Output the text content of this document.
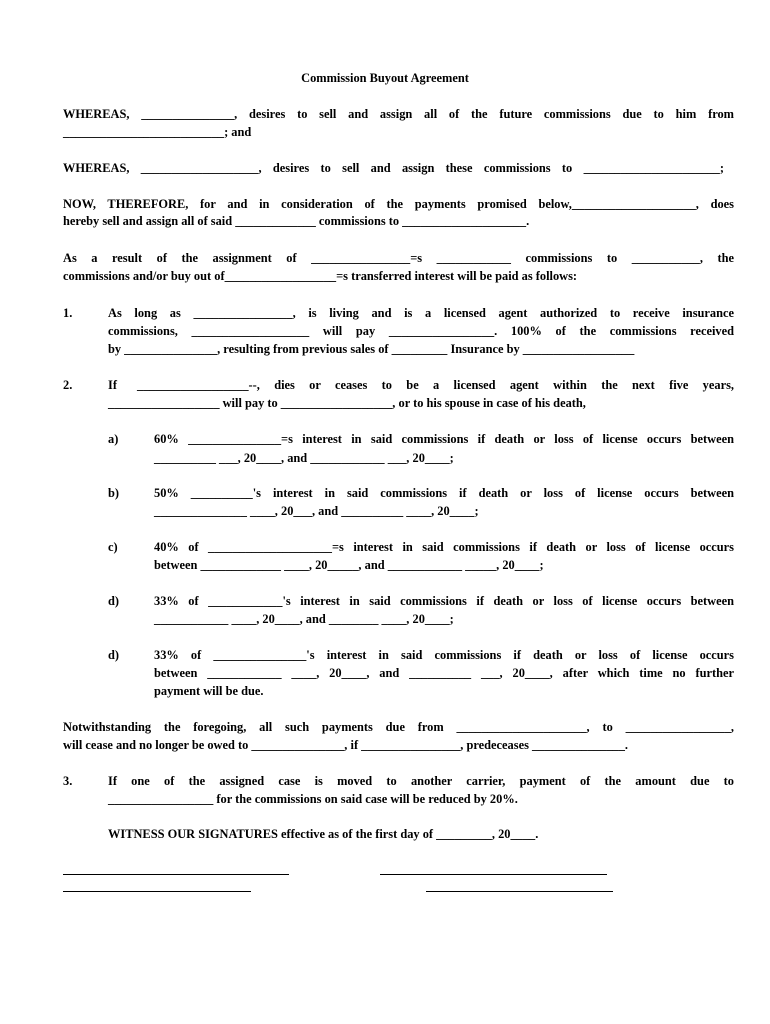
Commission Buyout Agreement
WHEREAS, _______________, desires to sell and assign all of the future commissions due to him from
__________________________; and
WHEREAS, ___________________, desires to sell and assign these commissions to ______________________;
NOW, THEREFORE, for and in consideration of the payments promised below,____________________, does
hereby sell and assign all of said _____________ commissions to ____________________.
As a result of the assignment of ________________=s ____________ commissions to ___________, the
commissions and/or buy out of__________________=s transferred interest will be paid as follows:
1.	As long as ________________, is living and is a licensed agent authorized to receive insurance
commissions, ___________________ will pay _________________. 100% of the commissions received
by _______________, resulting from previous sales of _________ Insurance by __________________
2.	If __________________--, dies or ceases to be a licensed agent within the next five years,
__________________ will pay to __________________, or to his spouse in case of his death,
a)	60% _______________=s interest in said commissions if death or loss of license occurs between
__________ ___, 20____, and ____________ ___, 20____;
b)	50% __________'s interest in said commissions if death or loss of license occurs between
_______________ ____, 20___, and __________ ____, 20____;
c)	40% of ____________________=s interest in said commissions if death or loss of license occurs
between _____________ ____, 20_____, and ____________ _____, 20____;
d)	33% of ____________'s interest in said commissions if death or loss of license occurs between
____________ ____, 20____, and ________ ____, 20____;
d)	33% of _______________'s interest in said commissions if death or loss of license occurs
between ____________ ____, 20____, and __________ ___, 20____, after which time no further
payment will be due.
Notwithstanding the foregoing, all such payments due from _____________________, to _________________,
will cease and no longer be owed to _______________, if ________________, predeceases _______________.
3.	If one of the assigned case is moved to another carrier, payment of the amount due to
_________________ for the commissions on said case will be reduced by 20%.
WITNESS OUR SIGNATURES effective as of the first day of _________, 20____.
